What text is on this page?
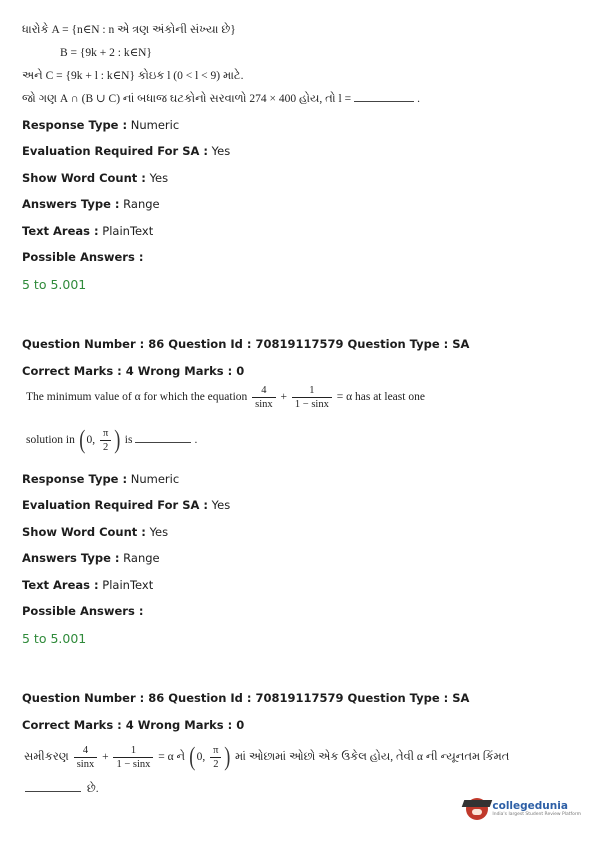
ધારોકે A = {n∈N : n એ ત્રણ અંકોની સંખ્યા છે}
B = {9k + 2 : k∈N}
અને C = {9k + l : k∈N} કોઇક l (0 < l < 9) માટે.
જો ગણ A ∩ (B ∪ C) નાં બધાજ ઘટકોનો સરવાળો 274 × 400 હોય, તો l =	.
Response Type : Numeric
Evaluation Required For SA : Yes
Show Word Count : Yes
Answers Type : Range
Text Areas : PlainText
Possible Answers :
5 to 5.001
Question Number : 86 Question Id : 70819117579 Question Type : SA
Correct Marks : 4 Wrong Marks : 0
The minimum value of α for which the equation $\frac{4}{\sin x} + \frac{1}{1 - \sin x} = \alpha$ has at least one
solution in (0, $\frac{\pi}{2}$ ) is	.
Response Type : Numeric
Evaluation Required For SA : Yes
Show Word Count : Yes
Answers Type : Range
Text Areas : PlainText
Possible Answers :
5 to 5.001
Question Number : 86 Question Id : 70819117579 Question Type : SA
Correct Marks : 4 Wrong Marks : 0
સમીકરણ $\frac{4}{\sin x} + \frac{1}{1 - \sin x} = \alpha$ ને (0, $\frac{\pi}{2}$ ) માં ઓછામાં ઓછો એક ઉકેલ હોય, તેવી α ની ન્યૂનતમ કિંમત
છે.
collegedunia
India's largest Student Review Platform
